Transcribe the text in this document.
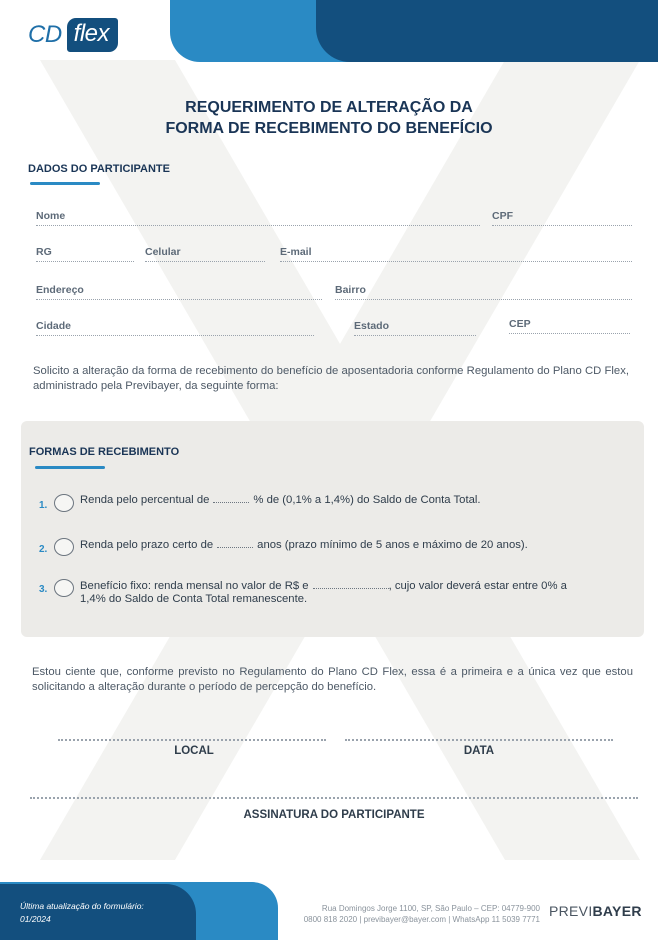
CD flex
REQUERIMENTO DE ALTERAÇÃO DA
FORMA DE RECEBIMENTO DO BENEFÍCIO
DADOS DO PARTICIPANTE
Nome	CPF
RG	Celular	E-mail
Endereço	Bairro
Cidade	Estado	CEP
Solicito a alteração da forma de recebimento do benefício de aposentadoria conforme Regulamento do Plano CD Flex, administrado pela Previbayer, da seguinte forma:
FORMAS DE RECEBIMENTO
1.	Renda pelo percentual de	% de (0,1% a 1,4%) do Saldo de Conta Total.
2.	Renda pelo prazo certo de	anos (prazo mínimo de 5 anos e máximo de 20 anos).
3.	Benefício fixo: renda mensal no valor de R$ e	, cujo valor deverá estar entre 0% a
1,4% do Saldo de Conta Total remanescente.
Estou ciente que, conforme previsto no Regulamento do Plano CD Flex, essa é a primeira e a única vez que estou solicitando a alteração durante o período de percepção do benefício.
LOCAL	DATA
ASSINATURA DO PARTICIPANTE
Última atualização do formulário:
01/2024
Rua Domingos Jorge 1100, SP, São Paulo – CEP: 04779-900
0800 818 2020 | previbayer@bayer.com | WhatsApp 11 5039 7771
PREVIBAYER
